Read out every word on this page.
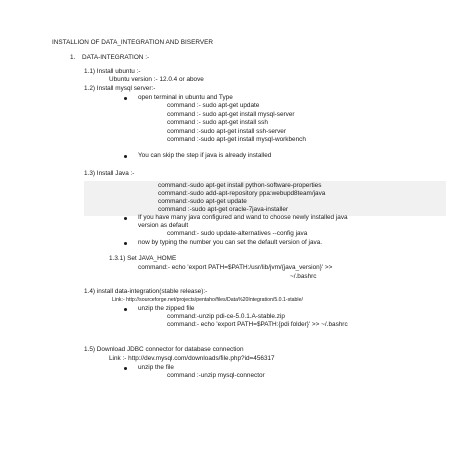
INSTALLION OF DATA_INTEGRATION AND BISERVER
1. DATA-INTEGRATION :-
1.1) Install ubuntu :-
Ubuntu version :- 12.0.4 or above
1.2) Install mysql server:-
open terminal in ubuntu and Type
command :- sudo apt-get update
command :- sudo apt-get install mysql-server
command :- sudo apt-get install ssh
command :-sudo apt-get install ssh-server
command :-sudo apt-get install mysql-workbench
You can skip the step if java is already installed
1.3) Install Java :-
command:-sudo apt-get install python-software-properties
command:-sudo add-apt-repository ppa:webupd8team/java
command:-sudo apt-get update
command :-sudo apt-get oracle-7java-installer
If you have many java configured and wand to choose newly installed java
version as default
command:- sudo update-alternatives --config java
now by typing the number you can set the default version of java.
1.3.1) Set JAVA_HOME
command:- echo 'export PATH=$PATH:/usr/lib/jvm/{java_version}' >>
~/.bashrc
1.4) install data-integration(stable release):-
Link:- http://sourceforge.net/projects/pentaho/files/Data%20Integration/5.0.1-stable/
unzip the zipped file
command:-unzip pdi-ce-5.0.1.A-stable.zip
command:- echo 'export PATH=$PATH:{pdi folder}' >> ~/.bashrc
1.5) Download JDBC connector for database connection
Link :- http://dev.mysql.com/downloads/file.php?id=456317
unzip the file
command :-unzip mysql-connector
